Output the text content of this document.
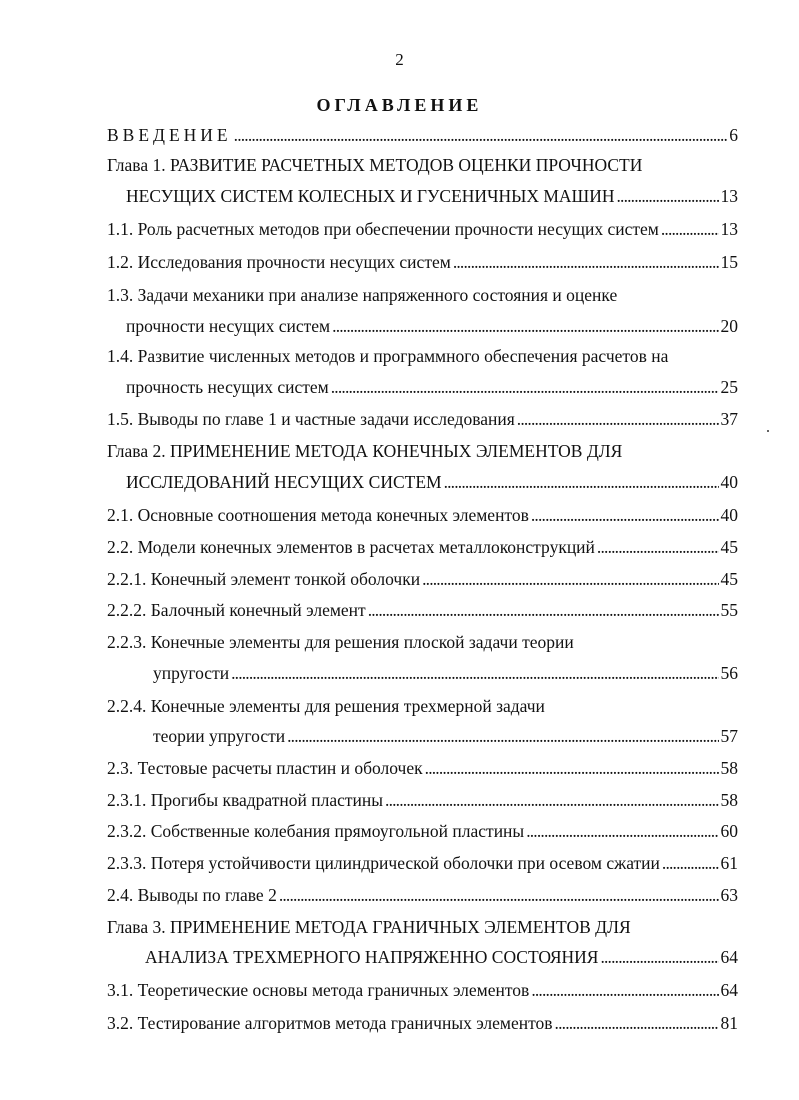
2
ОГЛАВЛЕНИЕ
ВВЕДЕНИЕ . . .	6
Глава 1. РАЗВИТИЕ РАСЧЕТНЫХ МЕТОДОВ ОЦЕНКИ ПРОЧНОСТИ
НЕСУЩИХ СИСТЕМ КОЛЕСНЫХ И ГУСЕНИЧНЫХ МАШИН . . .	13
1.1. Роль расчетных методов при обеспечении прочности несущих систем . . .	13
1.2. Исследования прочности несущих систем . . .	15
1.3. Задачи механики при анализе напряженного состояния и оценке
прочности несущих систем . . .	20
1.4. Развитие численных методов и программного обеспечения расчетов на
прочность несущих систем . . .	25
1.5. Выводы по главе 1 и частные задачи исследования . . .	37
Глава 2. ПРИМЕНЕНИЕ МЕТОДА КОНЕЧНЫХ ЭЛЕМЕНТОВ ДЛЯ
ИССЛЕДОВАНИЙ НЕСУЩИХ СИСТЕМ . . .	40
2.1. Основные соотношения метода конечных элементов . . .	40
2.2. Модели конечных элементов в расчетах металлоконструкций . . .	45
2.2.1. Конечный элемент тонкой оболочки . . .	45
2.2.2. Балочный конечный элемент . . .	55
2.2.3. Конечные элементы для решения плоской задачи теории
упругости . . .	56
2.2.4. Конечные элементы для решения трехмерной задачи
теории упругости . . .	57
2.3. Тестовые расчеты пластин и оболочек . . .	58
2.3.1. Прогибы квадратной пластины . . .	58
2.3.2. Собственные колебания прямоугольной пластины . . .	60
2.3.3. Потеря устойчивости цилиндрической оболочки при осевом сжатии . . .	61
2.4. Выводы по главе 2 . . .	63
Глава 3. ПРИМЕНЕНИЕ МЕТОДА ГРАНИЧНЫХ ЭЛЕМЕНТОВ ДЛЯ
АНАЛИЗА ТРЕХМЕРНОГО НАПРЯЖЕННО СОСТОЯНИЯ . . .	64
3.1. Теоретические основы метода граничных элементов . . .	64
3.2. Тестирование алгоритмов метода граничных элементов . . .	81
